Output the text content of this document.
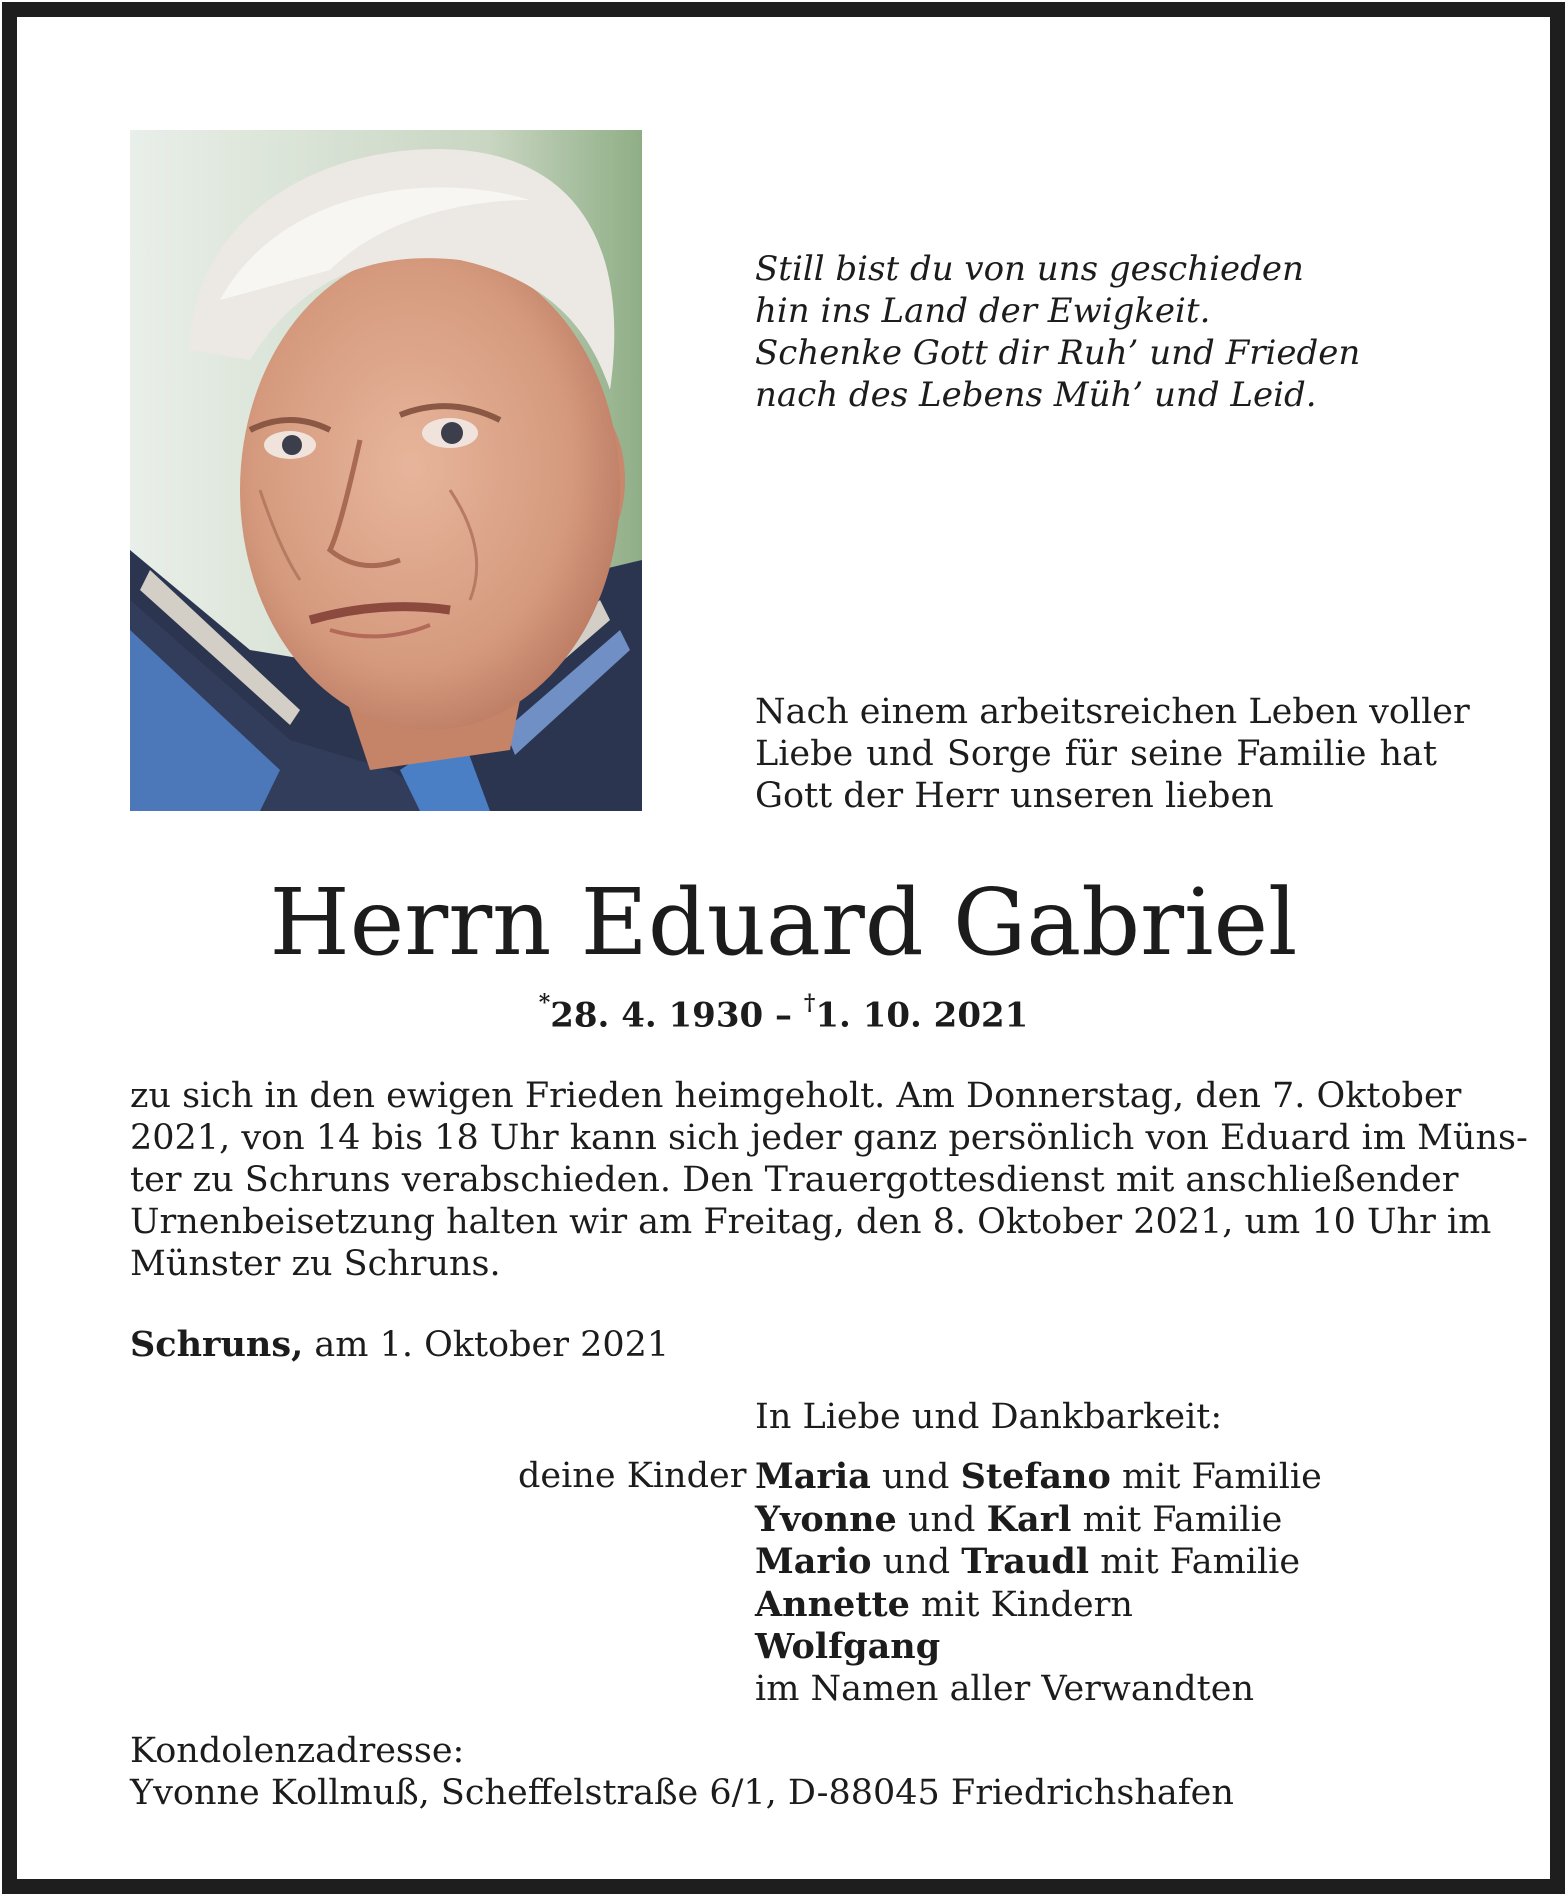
Still bist du von uns geschieden
hin ins Land der Ewigkeit.
Schenke Gott dir Ruh’ und Frieden
nach des Lebens Müh’ und Leid.
Nach einem arbeitsreichen Leben voller
Liebe und Sorge für seine Familie hat
Gott der Herr unseren lieben
Herrn Eduard Gabriel
*28. 4. 1930 – †1. 10. 2021
zu sich in den ewigen Frieden heimgeholt. Am Donnerstag, den 7. Oktober
2021, von 14 bis 18 Uhr kann sich jeder ganz persönlich von Eduard im Müns-
ter zu Schruns verabschieden. Den Trauergottesdienst mit anschließender
Urnenbeisetzung halten wir am Freitag, den 8. Oktober 2021, um 10 Uhr im
Münster zu Schruns.
Schruns, am 1. Oktober 2021
In Liebe und Dankbarkeit:
deine Kinder Maria und Stefano mit Familie
Yvonne und Karl mit Familie
Mario und Traudl mit Familie
Annette mit Kindern
Wolfgang
im Namen aller Verwandten
Kondolenzadresse:
Yvonne Kollmuß, Scheffelstraße 6/1, D-88045 Friedrichshafen
